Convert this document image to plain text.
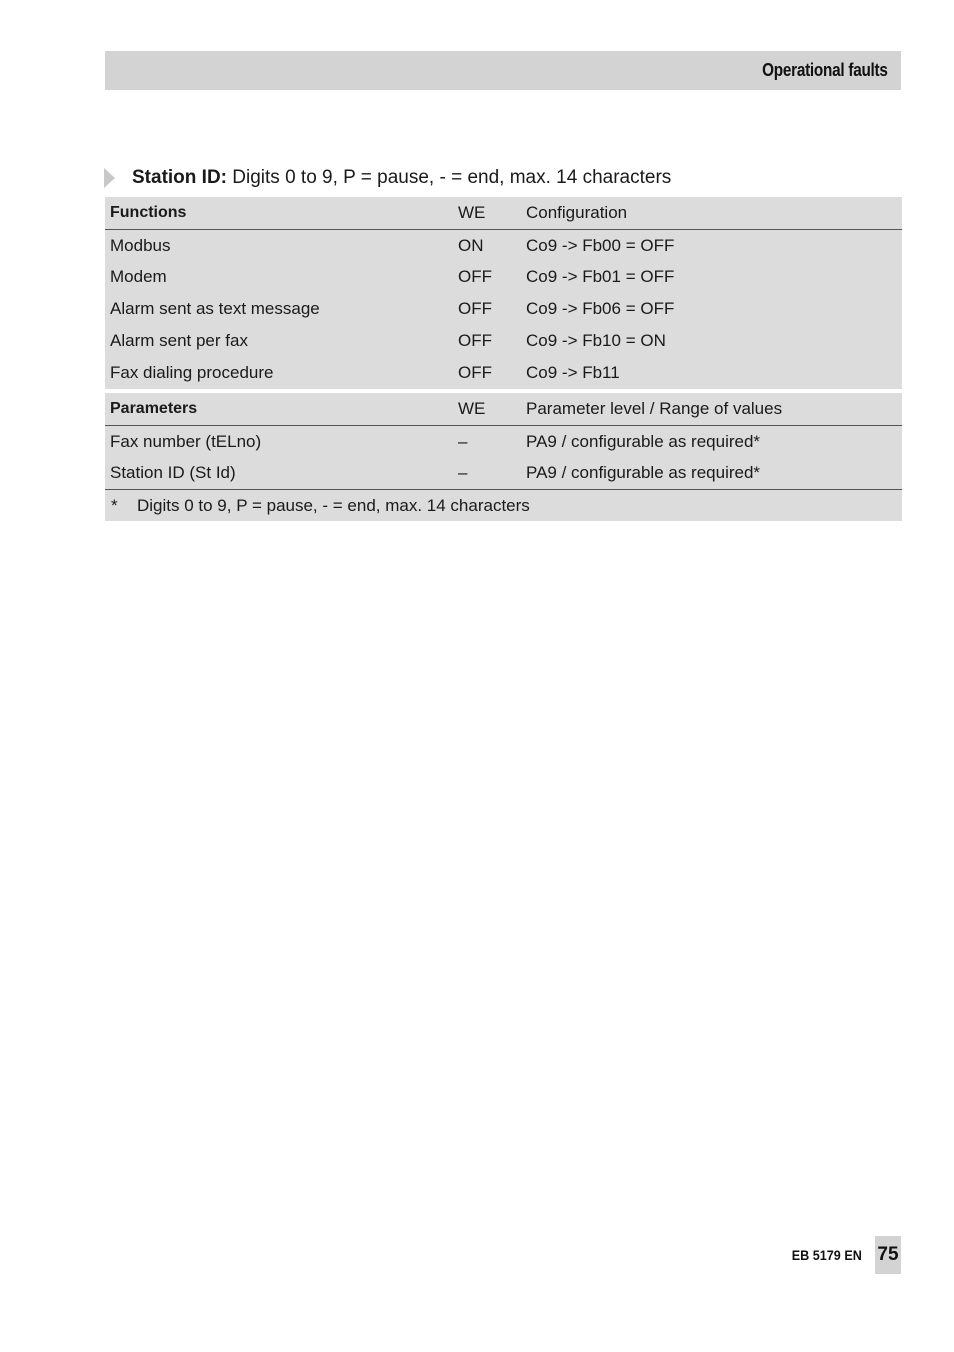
Operational faults
Station ID: Digits 0 to 9, P = pause, - = end, max. 14 characters
Functions	WE Configuration
Modbus	ON	Co9 -> Fb00 = OFF
Modem	OFF Co9 -> Fb01 = OFF
Alarm sent as text message	OFF Co9 -> Fb06 = OFF
Alarm sent per fax	OFF Co9 -> Fb10 = ON
Fax dialing procedure	OFF Co9 -> Fb11
Parameters	WE Parameter level / Range of values
Fax number (tELno)	–	PA9 / configurable as required*
Station ID (St Id)	–	PA9 / configurable as required*
* Digits 0 to 9, P = pause, - = end, max. 14 characters
EB 5179 EN 75
